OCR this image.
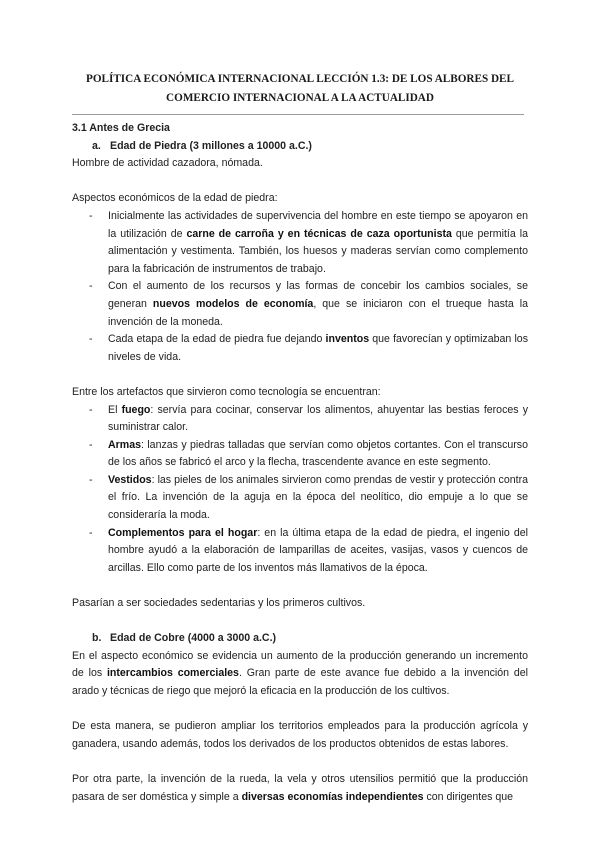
POLÍTICA ECONÓMICA INTERNACIONAL LECCIÓN 1.3: DE LOS ALBORES DEL
COMERCIO INTERNACIONAL A LA ACTUALIDAD

3.1 Antes de Grecia

a. Edad de Piedra (3 millones a 10000 a.C.)

Hombre de actividad cazadora, nómada.

Aspectos económicos de la edad de piedra:

- Inicialmente las actividades de supervivencia del hombre en este tiempo se apoyaron en la utilización de carne de carroña y en técnicas de caza oportunista que permitía la alimentación y vestimenta. También, los huesos y maderas servían como complemento para la fabricación de instrumentos de trabajo.
- Con el aumento de los recursos y las formas de concebir los cambios sociales, se generan nuevos modelos de economía, que se iniciaron con el trueque hasta la invención de la moneda.
- Cada etapa de la edad de piedra fue dejando inventos que favorecían y optimizaban los niveles de vida.

Entre los artefactos que sirvieron como tecnología se encuentran:

- El fuego: servía para cocinar, conservar los alimentos, ahuyentar las bestias feroces y suministrar calor.
- Armas: lanzas y piedras talladas que servían como objetos cortantes. Con el transcurso de los años se fabricó el arco y la flecha, trascendente avance en este segmento.
- Vestidos: las pieles de los animales sirvieron como prendas de vestir y protección contra el frío. La invención de la aguja en la época del neolítico, dio empuje a lo que se consideraría la moda.
- Complementos para el hogar: en la última etapa de la edad de piedra, el ingenio del hombre ayudó a la elaboración de lamparillas de aceites, vasijas, vasos y cuencos de arcillas. Ello como parte de los inventos más llamativos de la época.

Pasarían a ser sociedades sedentarias y los primeros cultivos.

b. Edad de Cobre (4000 a 3000 a.C.)

En el aspecto económico se evidencia un aumento de la producción generando un incremento de los intercambios comerciales. Gran parte de este avance fue debido a la invención del arado y técnicas de riego que mejoró la eficacia en la producción de los cultivos.

De esta manera, se pudieron ampliar los territorios empleados para la producción agrícola y ganadera, usando además, todos los derivados de los productos obtenidos de estas labores.

Por otra parte, la invención de la rueda, la vela y otros utensilios permitió que la producción pasara de ser doméstica y simple a diversas economías independientes con dirigentes que
